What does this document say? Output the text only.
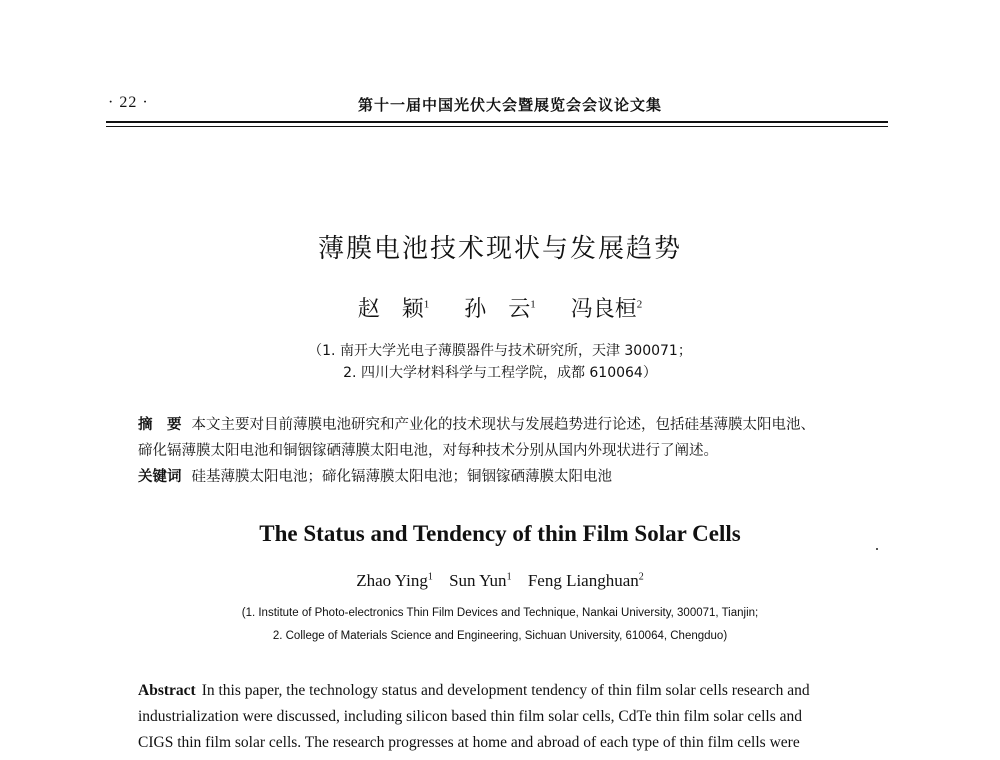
· 22 ·	第十一届中国光伏大会暨展览会会议论文集
薄膜电池技术现状与发展趋势
赵　颖$^1$ 孙　云$^1$ 冯良桓$^2$
（1. 南开大学光电子薄膜器件与技术研究所，天津 300071；
2. 四川大学材料科学与工程学院，成都 610064）
摘　要 本文主要对目前薄膜电池研究和产业化的技术现状与发展趋势进行论述，包括硅基薄膜太阳电池、
碲化镉薄膜太阳电池和铜铟镓硒薄膜太阳电池，对每种技术分别从国内外现状进行了阐述。
关键词 硅基薄膜太阳电池；碲化镉薄膜太阳电池；铜铟镓硒薄膜太阳电池
The Status and Tendency of thin Film Solar Cells
Zhao Ying$^1$ Sun Yun$^1$ Feng Lianghuan$^2$
(1. Institute of Photo-electronics Thin Film Devices and Technique, Nankai University, 300071, Tianjin;
2. College of Materials Science and Engineering, Sichuan University, 610064, Chengduo)
Abstract In this paper, the technology status and development tendency of thin film solar cells research and
industrialization were discussed, including silicon based thin film solar cells, CdTe thin film solar cells and
CIGS thin film solar cells. The research progresses at home and abroad of each type of thin film cells were
